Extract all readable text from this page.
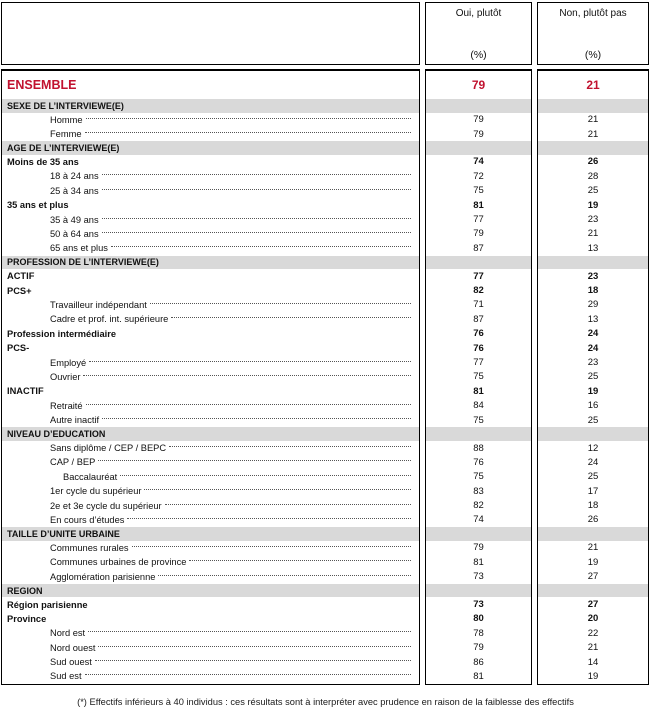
Oui, plutôt
(%)
Non, plutôt pas
(%)
ENSEMBLE
SEXE DE L’INTERVIEWE(E)
Homme
Femme
AGE DE L’INTERVIEWE(E)
Moins de 35 ans
18 à 24 ans
25 à 34 ans
35 ans et plus
35 à 49 ans
50 à 64 ans
65 ans et plus
PROFESSION DE L’INTERVIEWE(E)
ACTIF
PCS+
Travailleur indépendant
Cadre et prof. int. supérieure
Profession intermédiaire
PCS-
Employé
Ouvrier
INACTIF
Retraité
Autre inactif
NIVEAU D’EDUCATION
Sans diplôme / CEP / BEPC
CAP / BEP
Baccalauréat
1er cycle du supérieur
2e et 3e cycle du supérieur
En cours d’études
TAILLE D’UNITE URBAINE
Communes rurales
Communes urbaines de province
Agglomération parisienne
REGION
Région parisienne
Province
Nord est
Nord ouest
Sud ouest
Sud est
79
79
79
74
72
75
81
77
79
87
77
82
71
87
76
76
77
75
81
84
75
88
76
75
83
82
74
79
81
73
73
80
78
79
86
81
21
21
21
26
28
25
19
23
21
13
23
18
29
13
24
24
23
25
19
16
25
12
24
25
17
18
26
21
19
27
27
20
22
21
14
19
(*) Effectifs inférieurs à 40 individus : ces résultats sont à interpréter avec prudence en raison de la faiblesse des effectifs
